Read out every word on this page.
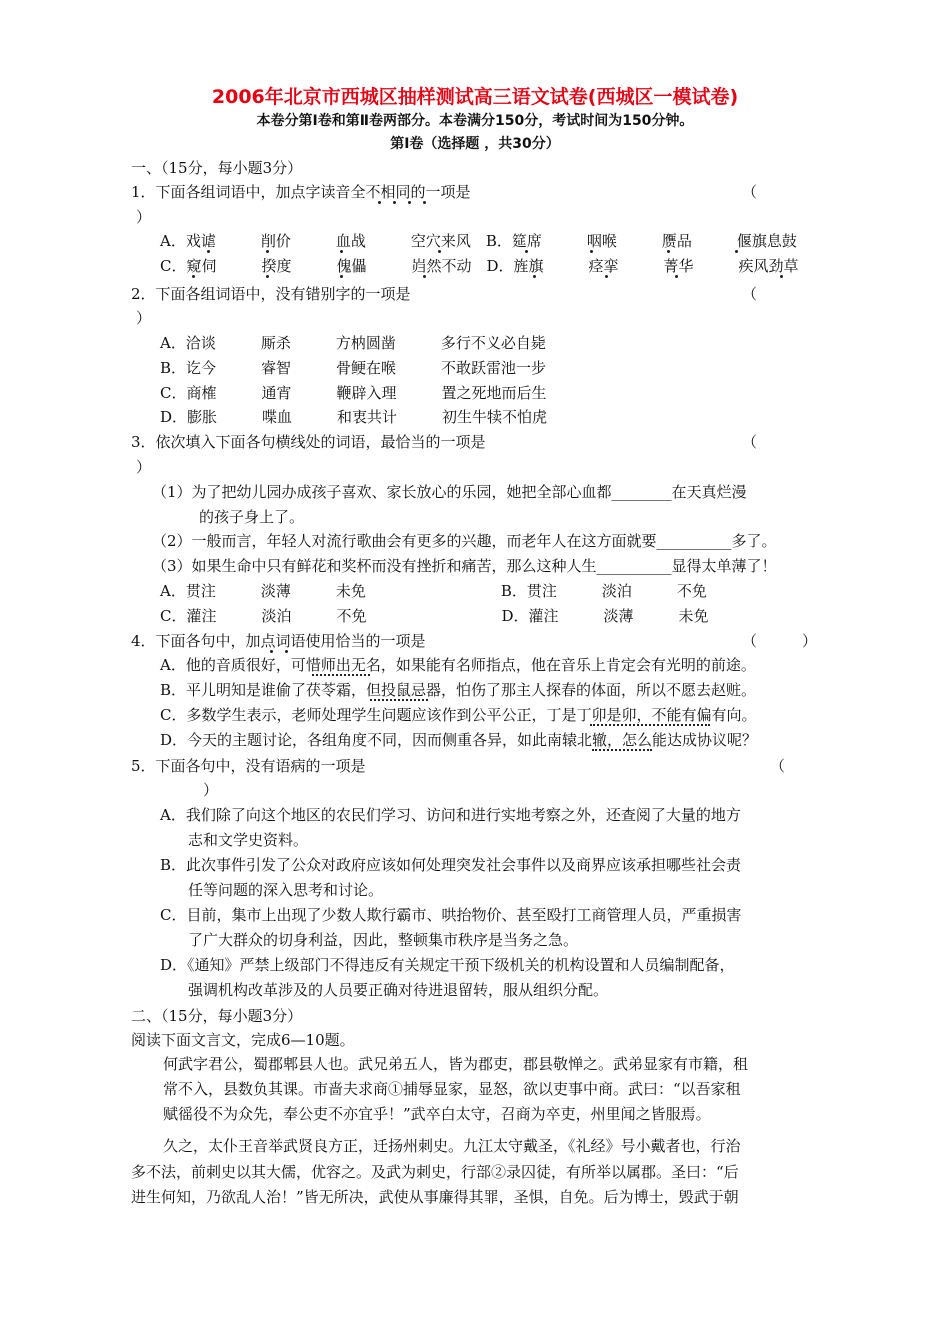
2006年北京市西城区抽样测试高三语文试卷(西城区一模试卷)
本卷分第Ⅰ卷和第Ⅱ卷两部分。本卷满分150分，考试时间为150分钟。
第Ⅰ卷（选择题 ，共30分）
一、（15分，每小题3分）
1．下面各组词语中，加点字读音全不相同的一项是	（
）
A．戏谑　　　削价　　　血战　　　空穴来风　B．筵席　　　咽喉　　　赝品　　　偃旗息鼓
C．窥伺　　　揆度　　　傀儡　　　岿然不动　D．旌旗　　　痉挛　　　菁华　　　疾风劲草
2．下面各组词语中，没有错别字的一项是	（
）
A．洽谈　　　厮杀　　　方枘圆凿　　　多行不义必自毙
B．讫今　　　睿智　　　骨鲠在喉　　　不敢跃雷池一步
C．商榷　　　通宵　　　鞭辟入理　　　置之死地而后生
D．膨胀　　　喋血　　　和衷共计　　　初生牛犊不怕虎
3．依次填入下面各句横线处的词语，最恰当的一项是	（
）
（1）为了把幼儿园办成孩子喜欢、家长放心的乐园，她把全部心血都________在天真烂漫
的孩子身上了。
（2）一般而言，年轻人对流行歌曲会有更多的兴趣，而老年人在这方面就要__________多了。
（3）如果生命中只有鲜花和奖杯而没有挫折和痛苦，那么这种人生__________显得太单薄了！
A．贯注　　　淡薄　　　未免　　　　　　　　　B．贯注　　　淡泊　　　不免
C．灌注　　　淡泊　　　不免　　　　　　　　　D．灌注　　　淡薄　　　未免
4．下面各句中，加点词语使用恰当的一项是	（　　　）
A．他的音质很好，可惜师出无名，如果能有名师指点，他在音乐上肯定会有光明的前途。
B．平儿明知是谁偷了茯苓霜，但投鼠忌器，怕伤了那主人探春的体面，所以不愿去赵赃。
C．多数学生表示，老师处理学生问题应该作到公平公正，丁是丁卯是卯，不能有偏有向。
D．今天的主题讨论，各组角度不同，因而侧重各异，如此南辕北辙，怎么能达成协议呢？
5．下面各句中，没有语病的一项是	（
）
A．我们除了向这个地区的农民们学习、访问和进行实地考察之外，还查阅了大量的地方
志和文学史资料。
B．此次事件引发了公众对政府应该如何处理突发社会事件以及商界应该承担哪些社会责
任等问题的深入思考和讨论。
C．目前，集市上出现了少数人欺行霸市、哄抬物价、甚至殴打工商管理人员，严重损害
了广大群众的切身利益，因此，整顿集市秩序是当务之急。
D．《通知》严禁上级部门不得违反有关规定干预下级机关的机构设置和人员编制配备，
强调机构改革涉及的人员要正确对待进退留转，服从组织分配。
二、（15分，每小题3分）
阅读下面文言文，完成6—10题。
何武字君公，蜀郡郫县人也。武兄弟五人，皆为郡吏，郡县敬惮之。武弟显家有市籍，租
常不入，县数负其课。市啬夫求商①捕辱显家，显怒，欲以吏事中商。武曰：“以吾家租
赋徭役不为众先，奉公吏不亦宜乎！”武卒白太守，召商为卒吏，州里闻之皆服焉。
久之，太仆王音举武贤良方正，迁扬州刺史。九江太守戴圣，《礼经》号小戴者也，行治
多不法，前刺史以其大儒，优容之。及武为刺史，行部②录囚徒，有所举以属郡。圣曰：“后
进生何知，乃欲乱人治！”皆无所决，武使从事廉得其罪，圣惧，自免。后为博士，毁武于朝
